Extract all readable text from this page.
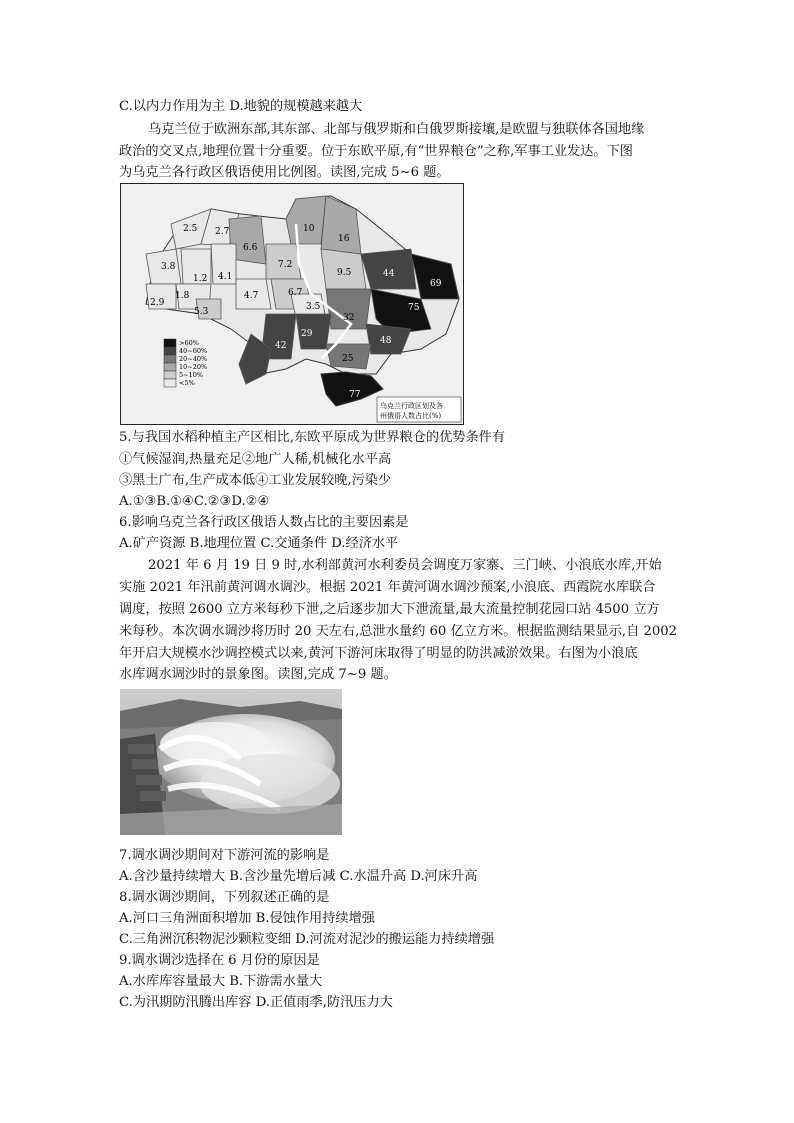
C.以内力作用为主 D.地貌的规模越来越大
乌克兰位于欧洲东部,其东部、北部与俄罗斯和白俄罗斯接壤,是欧盟与独联体各国地缘
政治的交叉点,地理位置十分重要。位于东欧平原,有“世界粮仓”之称,军事工业发达。下图
为乌克兰各行政区俄语使用比例图。读图,完成 5~6 题。
2.5 2.7
6.6
10
16
3.8
1.2 4.1
7.2
9.5	44
69
4.7	6.7
2.9
1.8
5.3	3.5
32
75
42
29
48
25
77
>60%
40~60%
20~40%
10~20%
5~10%
<5%
乌克兰行政区划及各
州俄语人数占比(%)
5.与我国水稻种植主产区相比,东欧平原成为世界粮仓的优势条件有
①气候湿润,热量充足②地广人稀,机械化水平高
③黑土广布,生产成本低④工业发展较晚,污染少
A.①③B.①④C.②③D.②④
6.影响乌克兰各行政区俄语人数占比的主要因素是
A.矿产资源 B.地理位置 C.交通条件 D.经济水平
2021 年 6 月 19 日 9 时,水利部黄河水利委员会调度万家寨、三门峡、小浪底水库,开始
实施 2021 年汛前黄河调水调沙。根据 2021 年黄河调水调沙预案,小浪底、西霞院水库联合
调度，按照 2600 立方米每秒下泄,之后逐步加大下泄流量,最大流量控制花园口站 4500 立方
米每秒。本次调水调沙将历时 20 天左右,总泄水量约 60 亿立方米。根据监测结果显示,自 2002
年开启大规模水沙调控模式以来,黄河下游河床取得了明显的防洪减淤效果。右图为小浪底
水库调水调沙时的景象图。读图,完成 7~9 题。
7.调水调沙期间对下游河流的影响是
A.含沙量持续增大 B.含沙量先增后减 C.水温升高 D.河床升高
8.调水调沙期间，下列叙述正确的是
A.河口三角洲面积增加 B.侵蚀作用持续增强
C.三角洲沉积物泥沙颗粒变细 D.河流对泥沙的搬运能力持续增强
9.调水调沙选择在 6 月份的原因是
A.水库库容量最大 B.下游需水量大
C.为汛期防汛腾出库容 D.正值雨季,防汛压力大
